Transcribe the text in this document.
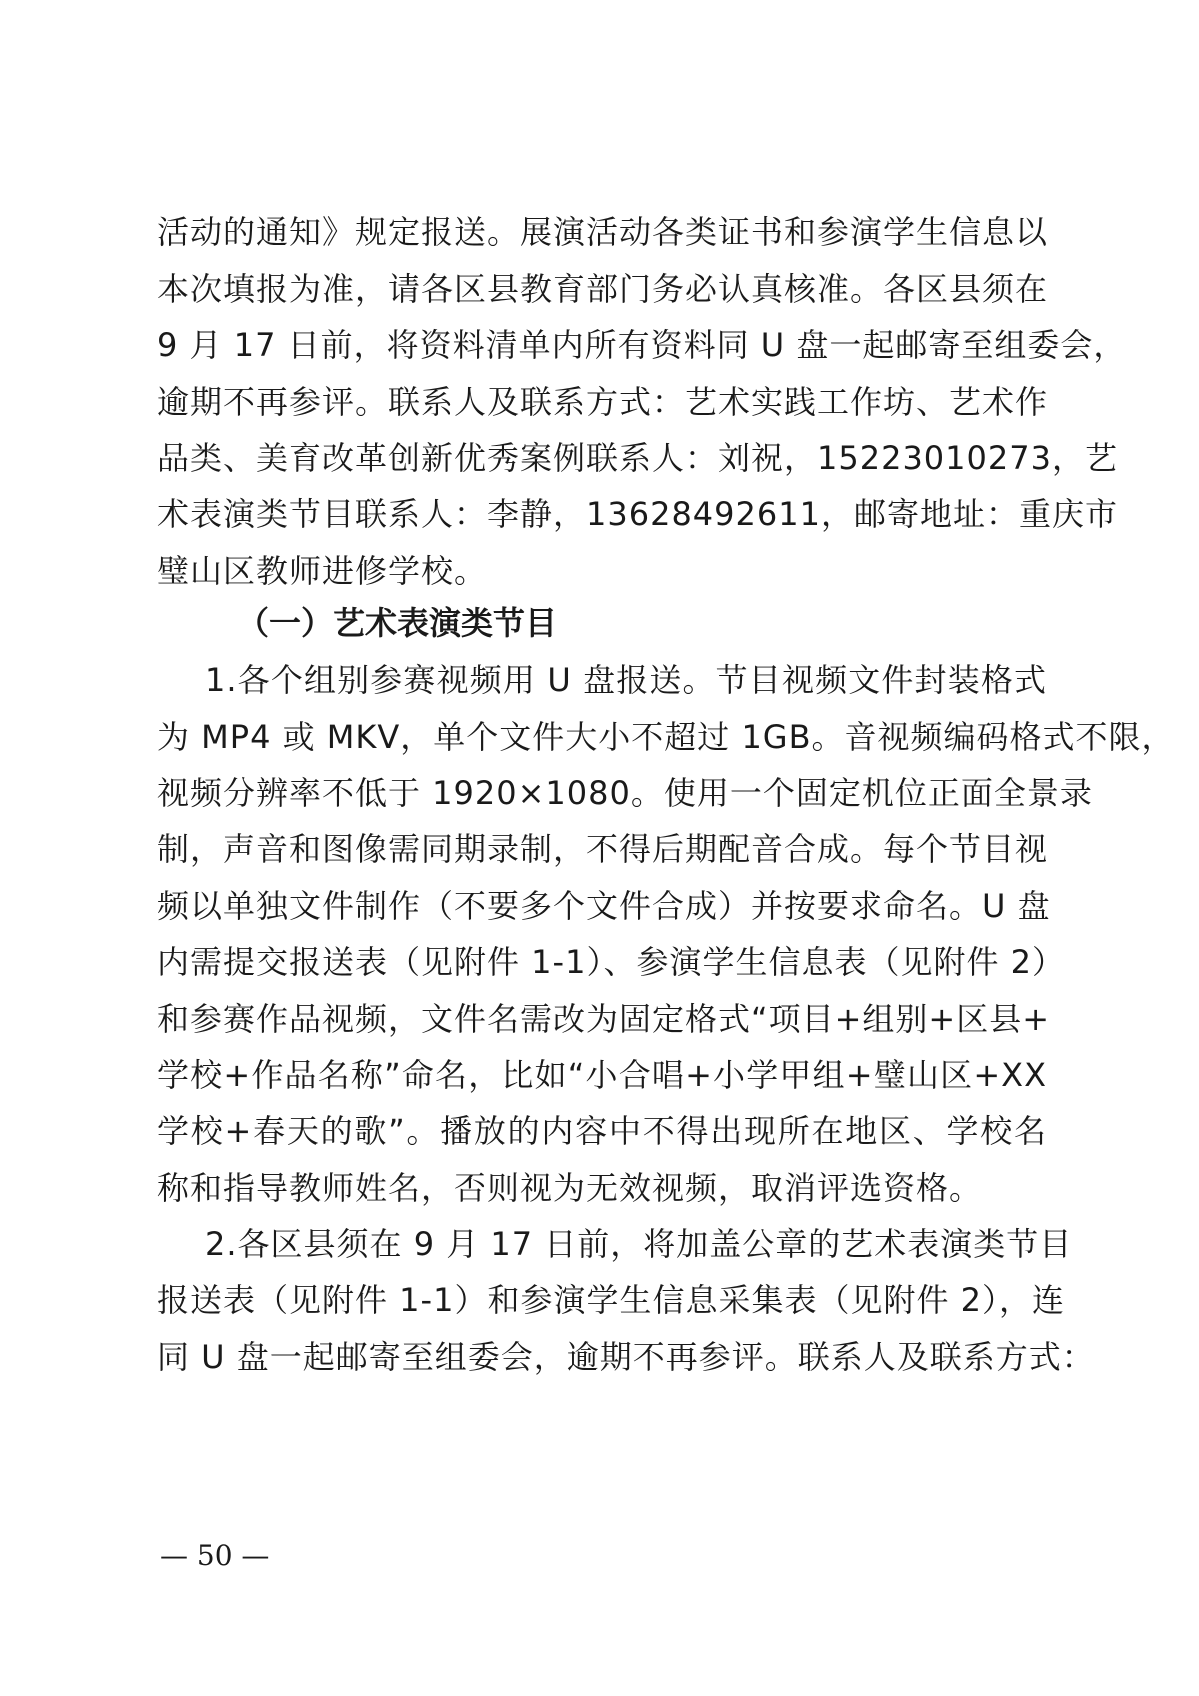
活动的通知》规定报送。展演活动各类证书和参演学生信息以
本次填报为准，请各区县教育部门务必认真核准。各区县须在
9 月 17 日前，将资料清单内所有资料同 U 盘一起邮寄至组委会，
逾期不再参评。联系人及联系方式：艺术实践工作坊、艺术作
品类、美育改革创新优秀案例联系人：刘祝，15223010273，艺
术表演类节目联系人：李静，13628492611，邮寄地址：重庆市
璧山区教师进修学校。
（一）艺术表演类节目
1.各个组别参赛视频用 U 盘报送。节目视频文件封装格式
为 MP4 或 MKV，单个文件大小不超过 1GB。音视频编码格式不限，
视频分辨率不低于 1920×1080。使用一个固定机位正面全景录
制，声音和图像需同期录制，不得后期配音合成。每个节目视
频以单独文件制作（不要多个文件合成）并按要求命名。U 盘
内需提交报送表（见附件 1-1）、参演学生信息表（见附件 2）
和参赛作品视频，文件名需改为固定格式“项目+组别+区县+
学校+作品名称”命名，比如“小合唱+小学甲组+璧山区+XX
学校+春天的歌”。播放的内容中不得出现所在地区、学校名
称和指导教师姓名，否则视为无效视频，取消评选资格。
2.各区县须在 9 月 17 日前，将加盖公章的艺术表演类节目
报送表（见附件 1-1）和参演学生信息采集表（见附件 2），连
同 U 盘一起邮寄至组委会，逾期不再参评。联系人及联系方式：
— 50 —
